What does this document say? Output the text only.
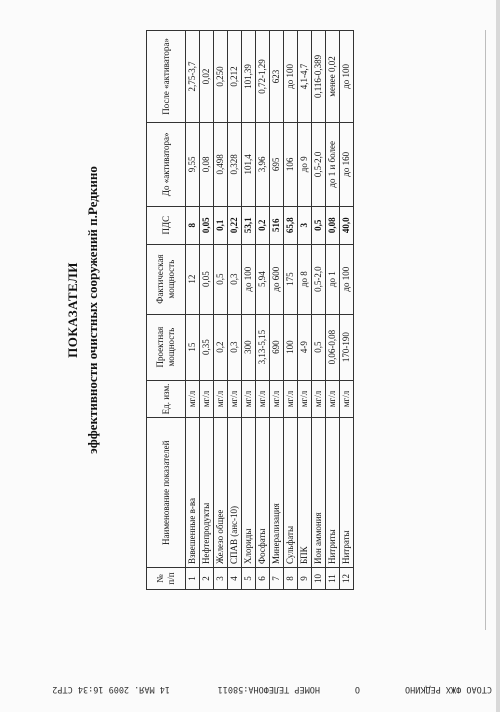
ПОКАЗАТЕЛИ эффективности очистных сооружений п.Редкино
№ п/п	Наименование показателей	Ед. изм.	Проектная мощность	Фактическая мощность	ПДС	До «активатора»	После «активатора»
1	Взвешенные в-ва	мг/л	15	12	8	9,55	2,75-3,7
2	Нефтепродукты	мг/л	0,35	0,05	0,05	0,08	0,02
3	Железо общее	мг/л	0,2	0,5	0,1	0,498	0,250
4	СПАВ (анс-10)	мг/л	0,3	0,3	0,22	0,328	0,212
5	Хлориды	мг/л	300	до 100	53,1	101,4	101,39
6	Фосфаты	мг/л	3,13-5,15	5,94	0,2	3,96	0,72-1,29
7	Минерализация	мг/л	690	до 600	516	695	623
8	Сульфаты	мг/л	100	175	65,8	106	до 100
9	БПК	мг/л	4-9	до 8	3	до 9	4,1-4,7
10	Ион аммония	мг/л	0,5	0,5-2,0	0,5	0,5-2,0	0,116-0,389
11	Нитриты	мг/л	0,06-0,08	до 1	0,08	до 1 и более	менее 0,02
12	Нитраты	мг/л	170-190	до 100	40,0	до 160	до 100
СТОАО ФЖХ РЕДКИНО
О
НОМЕР ТЕЛЕФОНА:58011
14 МАЯ. 2009 16:34 СТР2
